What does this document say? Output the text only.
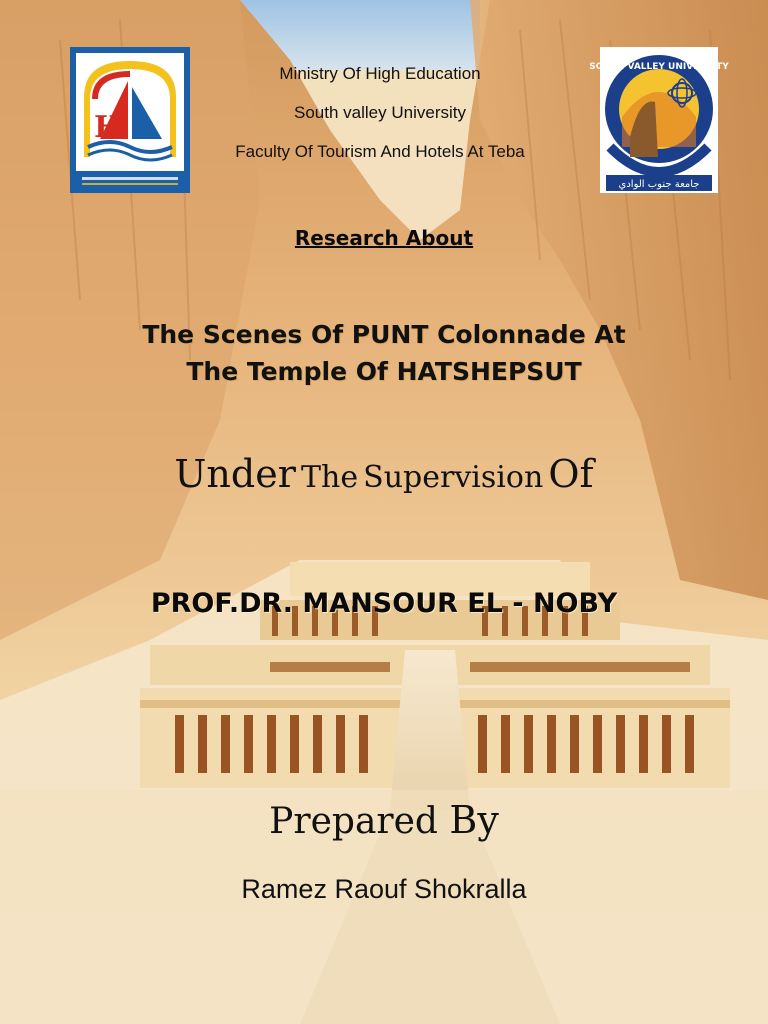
H
SOUTH VALLEY UNIVERSITY
جامعة جنوب الوادي
Ministry Of High Education
South valley University
Faculty Of Tourism And Hotels At Teba
Research About
The Scenes Of PUNT Colonnade At
The Temple Of HATSHEPSUT
Under The Supervision Of
PROF.DR. MANSOUR EL - NOBY
Prepared By
Ramez Raouf Shokralla
